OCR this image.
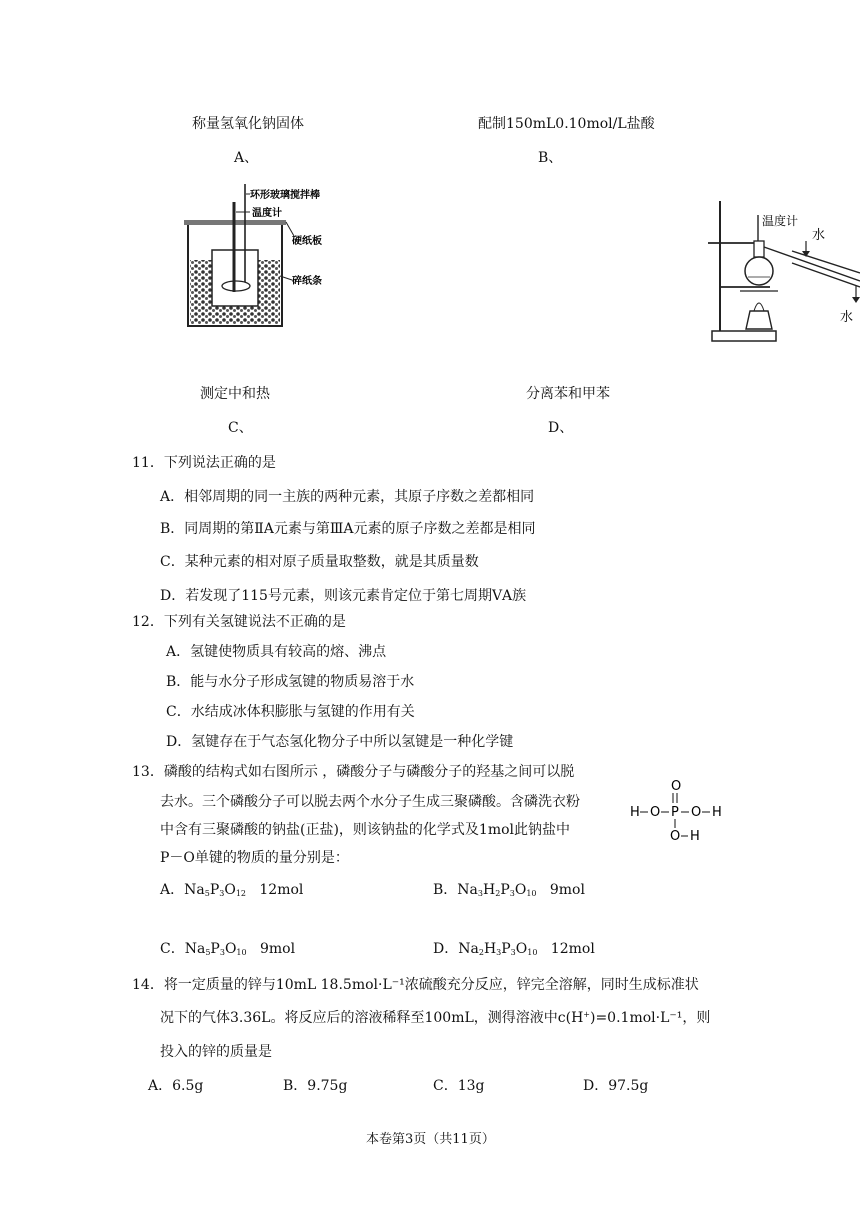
称量氢氧化钠固体
A、
配制150mL0.10mol/L盐酸
B、
环形玻璃搅拌棒
温度计
硬纸板
碎纸条
温度计
水
水
测定中和热
C、
分离苯和甲苯
D、
11．下列说法正确的是
A．相邻周期的同一主族的两种元素，其原子序数之差都相同
B．同周期的第ⅡA元素与第ⅢA元素的原子序数之差都是相同
C．某种元素的相对原子质量取整数，就是其质量数
D．若发现了115号元素，则该元素肯定位于第七周期ⅤA族
12．下列有关氢键说法不正确的是
A．氢键使物质具有较高的熔、沸点
B．能与水分子形成氢键的物质易溶于水
C．水结成冰体积膨胀与氢键的作用有关
D．氢键存在于气态氢化物分子中所以氢键是一种化学键
13．磷酸的结构式如右图所示 ，磷酸分子与磷酸分子的羟基之间可以脱
去水。三个磷酸分子可以脱去两个水分子生成三聚磷酸。含磷洗衣粉
中含有三聚磷酸的钠盐(正盐)，则该钠盐的化学式及1mol此钠盐中
P－O单键的物质的量分别是：
O
H O P O H
O H
A．$Na_5P_3O_{12}$ 12mol	B．$Na_3H_2P_3O_{10}$ 9mol
C．$Na_5P_3O_{10}$ 9mol	D．$Na_2H_3P_3O_{10}$ 12mol
14．将一定质量的锌与10mL 18.5mol·L⁻¹浓硫酸充分反应，锌完全溶解，同时生成标准状
况下的气体3.36L。将反应后的溶液稀释至100mL，测得溶液中c(H+)=0.1mol·L⁻¹，则
投入的锌的质量是
A．6.5g	B．9.75g	C．13g	D．97.5g
本卷第3页（共11页）
